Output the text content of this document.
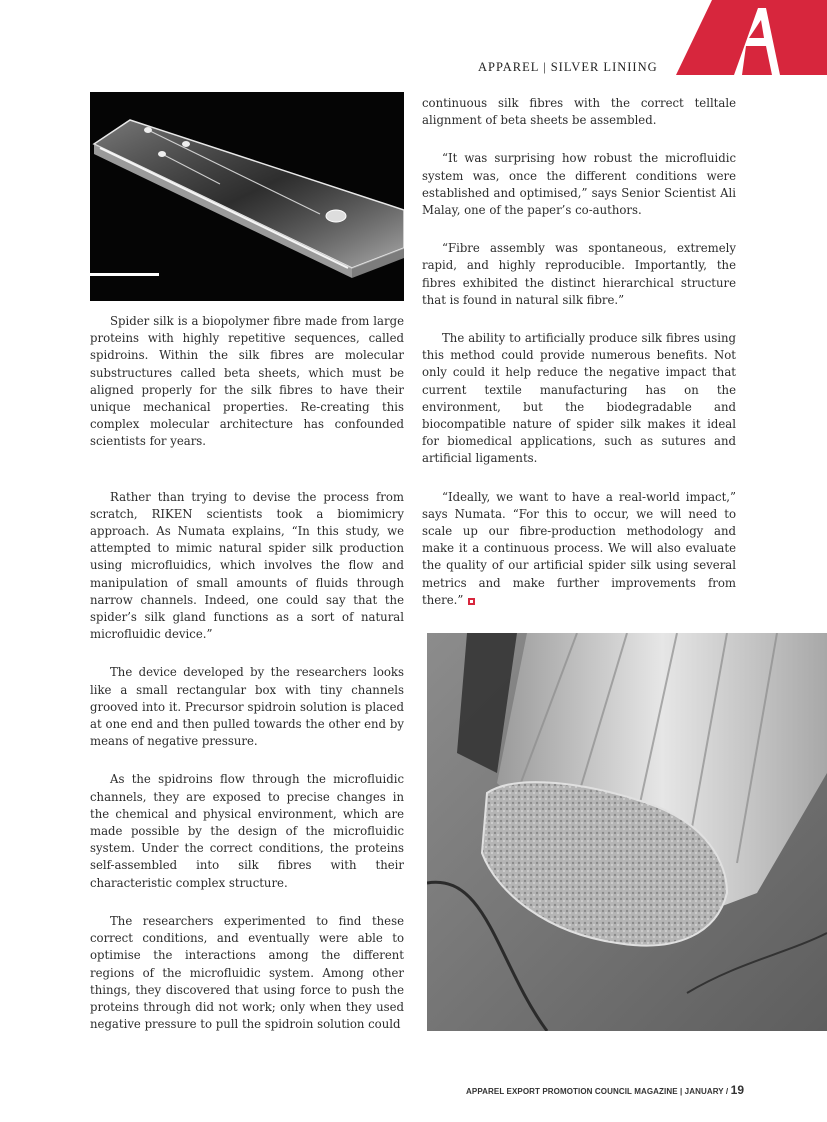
APPAREL | SILVER LINIING

Spider silk is a biopolymer fibre made from large proteins with highly repetitive sequences, called spidroins. Within the silk fibres are molecular substructures called beta sheets, which must be aligned properly for the silk fibres to have their unique mechanical properties. Re-creating this complex molecular architecture has confounded scientists for years.

Rather than trying to devise the process from scratch, RIKEN scientists took a biomimicry approach. As Numata explains, “In this study, we attempted to mimic natural spider silk production using microfluidics, which involves the flow and manipulation of small amounts of fluids through narrow channels. Indeed, one could say that the spider’s silk gland functions as a sort of natural microfluidic device.”

The device developed by the researchers looks like a small rectangular box with tiny channels grooved into it. Precursor spidroin solution is placed at one end and then pulled towards the other end by means of negative pressure.

As the spidroins flow through the microfluidic channels, they are exposed to precise changes in the chemical and physical environment, which are made possible by the design of the microfluidic system. Under the correct conditions, the proteins self-assembled into silk fibres with their characteristic complex structure.

The researchers experimented to find these correct conditions, and eventually were able to optimise the interactions among the different regions of the microfluidic system. Among other things, they discovered that using force to push the proteins through did not work; only when they used negative pressure to pull the spidroin solution could

continuous silk fibres with the correct telltale alignment of beta sheets be assembled.

“It was surprising how robust the microfluidic system was, once the different conditions were established and optimised,” says Senior Scientist Ali Malay, one of the paper’s co-authors.

“Fibre assembly was spontaneous, extremely rapid, and highly reproducible. Importantly, the fibres exhibited the distinct hierarchical structure that is found in natural silk fibre.”

The ability to artificially produce silk fibres using this method could provide numerous benefits. Not only could it help reduce the negative impact that current textile manufacturing has on the environment, but the biodegradable and biocompatible nature of spider silk makes it ideal for biomedical applications, such as sutures and artificial ligaments.

“Ideally, we want to have a real-world impact,” says Numata. “For this to occur, we will need to scale up our fibre-production methodology and make it a continuous process. We will also evaluate the quality of our artificial spider silk using several metrics and make further improvements from there.”

APPAREL EXPORT PROMOTION COUNCIL MAGAZINE | JANUARY / 19
